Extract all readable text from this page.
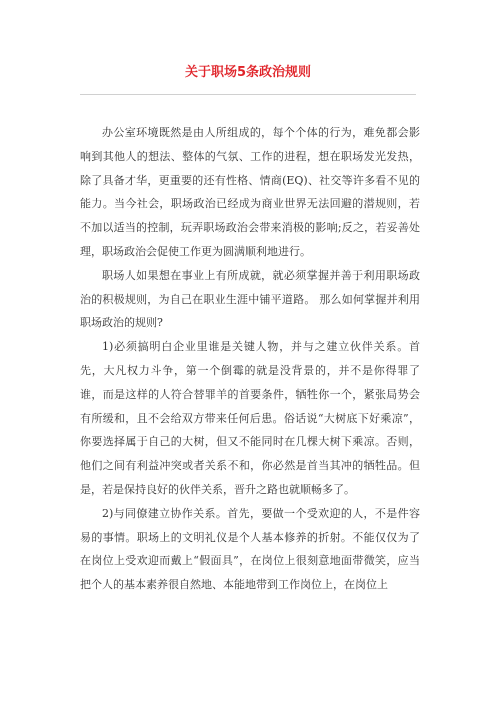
关于职场5条政治规则

办公室环境既然是由人所组成的，每个个体的行为，难免都会影响到其他人的想法、整体的气氛、工作的进程，想在职场发光发热，除了具备才华，更重要的还有性格、情商(EQ)、社交等许多看不见的能力。当今社会，职场政治已经成为商业世界无法回避的潜规则，若不加以适当的控制，玩弄职场政治会带来消极的影响;反之，若妥善处理，职场政治会促使工作更为圆满顺利地进行。

职场人如果想在事业上有所成就，就必须掌握并善于利用职场政治的积极规则，为自己在职业生涯中铺平道路。 那么如何掌握并利用职场政治的规则?

1)必须搞明白企业里谁是关键人物，并与之建立伙伴关系。首先，大凡权力斗争，第一个倒霉的就是没背景的，并不是你得罪了谁，而是这样的人符合替罪羊的首要条件，牺牲你一个，紧张局势会有所缓和，且不会给双方带来任何后患。俗话说“大树底下好乘凉”，你要选择属于自己的大树，但又不能同时在几棵大树下乘凉。否则，他们之间有利益冲突或者关系不和，你必然是首当其冲的牺牲品。但是，若是保持良好的伙伴关系，晋升之路也就顺畅多了。

2)与同僚建立协作关系。首先，要做一个受欢迎的人，不是件容易的事情。职场上的文明礼仪是个人基本修养的折射。不能仅仅为了在岗位上受欢迎而戴上“假面具”，在岗位上很刻意地面带微笑，应当把个人的基本素养很自然地、本能地带到工作岗位上，在岗位上
